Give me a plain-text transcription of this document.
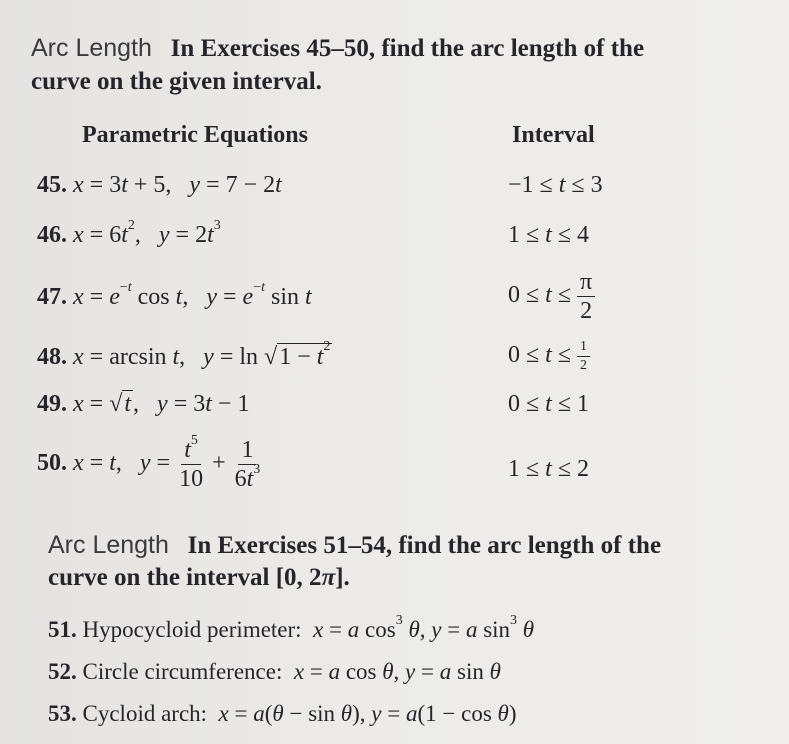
Arc Length In Exercises 45–50, find the arc length of the
curve on the given interval.
Parametric Equations	Interval
45. x = 3t + 5,   y = 7 − 2t	−1 ≤ t ≤ 3
46. $x = 6t^2$,   $y = 2t^3$	1 ≤ t ≤ 4
47. $x = e^{-t}$ cos t,   $y = e^{-t}$ sin t	$0 \le t \le \frac{\pi}{2}$
48. x = arcsin t,   $y = \ln √1 - t^2$	$0 \le t \le \frac{1}{2}$
49. x = √t,   y = 3t − 1	0 ≤ t ≤ 1
50. x = t,   $y = \frac{t^5}{10} + \frac{1}{6t^3}$	1 ≤ t ≤ 2
Arc Length In Exercises 51–54, find the arc length of the
curve on the interval [0, 2π].
51. Hypocycloid perimeter: x = a $\cos^3 \theta$, y = a $\sin^3 \theta$
52. Circle circumference: x = a cos θ, y = a sin θ
53. Cycloid arch: x = a(θ − sin θ), y = a(1 − cos θ)
